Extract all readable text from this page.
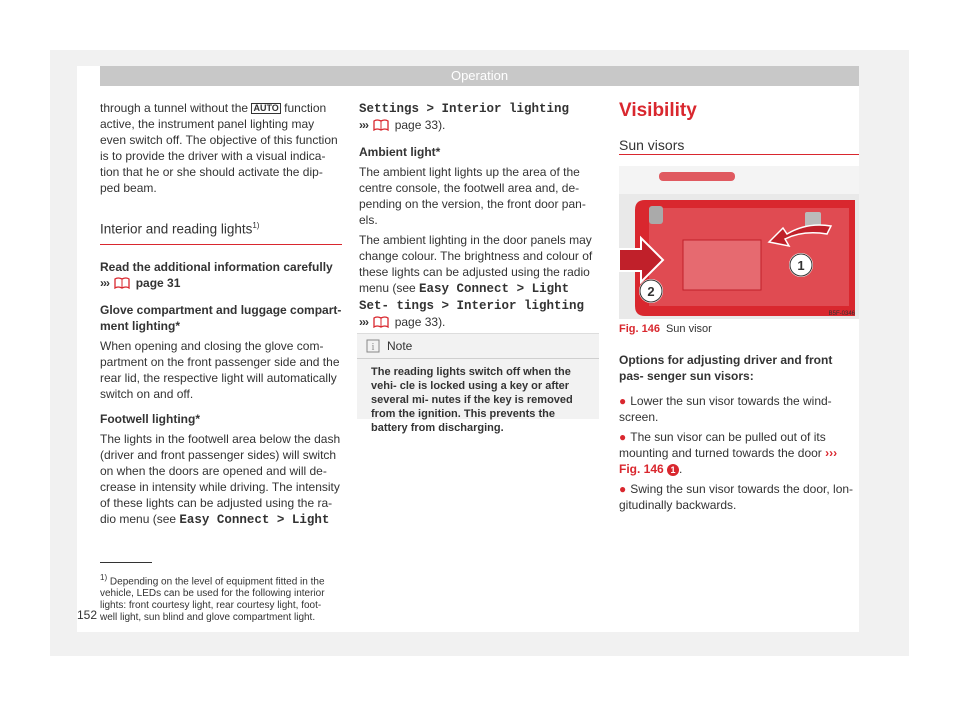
Operation

through a tunnel without the AUTO function active, the instrument panel lighting may even switch off. The objective of this function is to provide the driver with a visual indica- tion that he or she should activate the dip- ped beam.

Interior and reading lights$^{1)}$

Read the additional information carefully
››› page 31

Glove compartment and luggage compart- ment lighting*

When opening and closing the glove com- partment on the front passenger side and the rear lid, the respective light will automatically switch on and off.

Footwell lighting*

The lights in the footwell area below the dash (driver and front passenger sides) will switch on when the doors are opened and will de- crease in intensity while driving. The intensity of these lights can be adjusted using the ra- dio menu (see Easy Connect > Light

Settings > Interior lighting
››› page 33).

Ambient light*

The ambient light lights up the area of the centre console, the footwell area and, de- pending on the version, the front door pan- els.

The ambient lighting in the door panels may change colour. The brightness and colour of these lights can be adjusted using the radio menu (see Easy Connect > Light Set- tings > Interior lighting
››› page 33).

i Note
The reading lights switch off when the vehi- cle is locked using a key or after several mi- nutes if the key is removed from the ignition. This prevents the battery from discharging.
Visibility
Sun visors
1
2
B5F-0346
Fig. 146 Sun visor

Options for adjusting driver and front pas- senger sun visors:

● Lower the sun visor towards the wind- screen.

● The sun visor can be pulled out of its mounting and turned towards the door ››› Fig. 146 1 .

● Swing the sun visor towards the door, lon- gitudinally backwards.

$^{1)}$ Depending on the level of equipment fitted in the vehicle, LEDs can be used for the following interior lights: front courtesy light, rear courtesy light, foot- well light, sun blind and glove compartment light.
152
